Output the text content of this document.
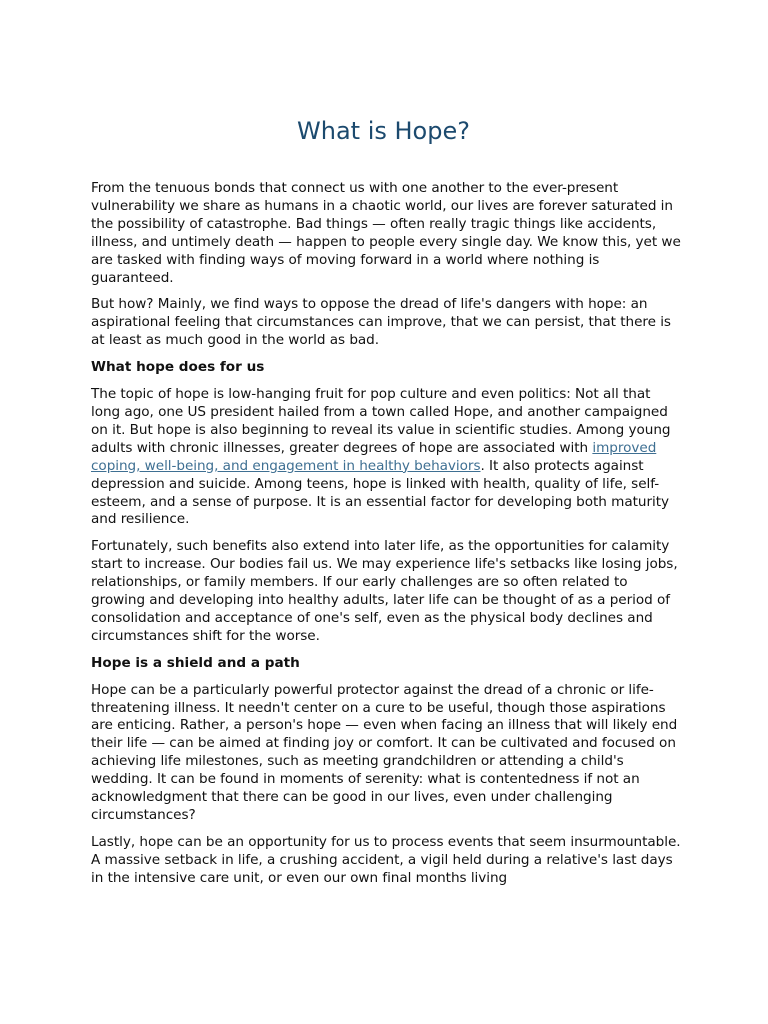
What is Hope?

From the tenuous bonds that connect us with one another to the ever-present vulnerability we share as humans in a chaotic world, our lives are forever saturated in the possibility of catastrophe. Bad things — often really tragic things like accidents, illness, and untimely death — happen to people every single day. We know this, yet we are tasked with finding ways of moving forward in a world where nothing is guaranteed.

But how? Mainly, we find ways to oppose the dread of life's dangers with hope: an aspirational feeling that circumstances can improve, that we can persist, that there is at least as much good in the world as bad.

What hope does for us

The topic of hope is low-hanging fruit for pop culture and even politics: Not all that long ago, one US president hailed from a town called Hope, and another campaigned on it. But hope is also beginning to reveal its value in scientific studies. Among young adults with chronic illnesses, greater degrees of hope are associated with improved coping, well-being, and engagement in healthy behaviors. It also protects against depression and suicide. Among teens, hope is linked with health, quality of life, self-esteem, and a sense of purpose. It is an essential factor for developing both maturity and resilience.

Fortunately, such benefits also extend into later life, as the opportunities for calamity start to increase. Our bodies fail us. We may experience life's setbacks like losing jobs, relationships, or family members. If our early challenges are so often related to growing and developing into healthy adults, later life can be thought of as a period of consolidation and acceptance of one's self, even as the physical body declines and circumstances shift for the worse.

Hope is a shield and a path

Hope can be a particularly powerful protector against the dread of a chronic or life-threatening illness. It needn't center on a cure to be useful, though those aspirations are enticing. Rather, a person's hope — even when facing an illness that will likely end their life — can be aimed at finding joy or comfort. It can be cultivated and focused on achieving life milestones, such as meeting grandchildren or attending a child's wedding. It can be found in moments of serenity: what is contentedness if not an acknowledgment that there can be good in our lives, even under challenging circumstances?

Lastly, hope can be an opportunity for us to process events that seem insurmountable. A massive setback in life, a crushing accident, a vigil held during a relative's last days in the intensive care unit, or even our own final months living
